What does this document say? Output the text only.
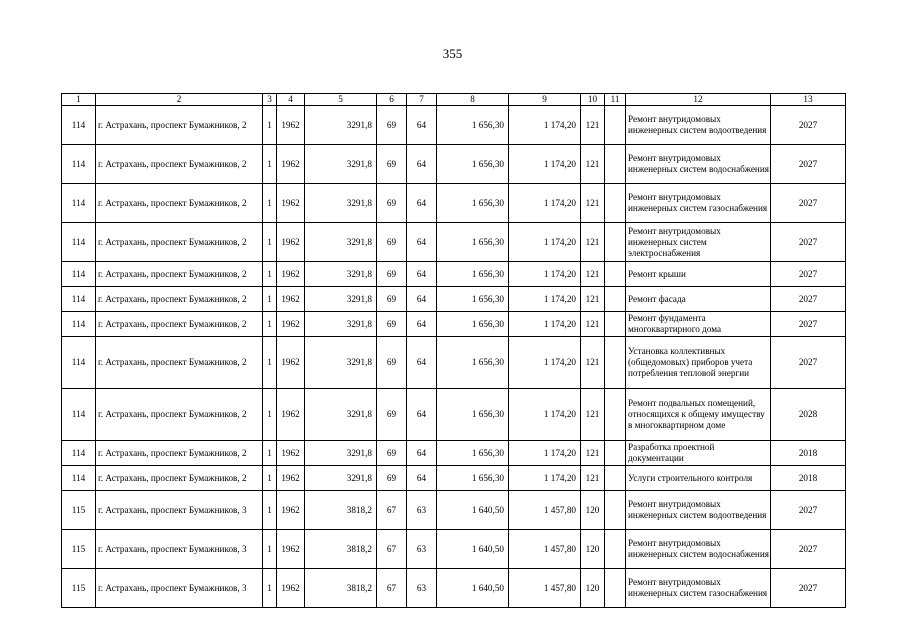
355
1	2	3	4	5	6	7	8	9	10	11	12	13
114	г. Астрахань, проспект Бумажников, 2	1	1962	3291,8	69	64	1 656,30	1 174,20	121		Ремонт внутридомовых инженерных систем водоотведения	2027
114	г. Астрахань, проспект Бумажников, 2	1	1962	3291,8	69	64	1 656,30	1 174,20	121		Ремонт внутридомовых инженерных систем водоснабжения	2027
114	г. Астрахань, проспект Бумажников, 2	1	1962	3291,8	69	64	1 656,30	1 174,20	121		Ремонт внутридомовых инженерных систем газоснабжения	2027
114	г. Астрахань, проспект Бумажников, 2	1	1962	3291,8	69	64	1 656,30	1 174,20	121		Ремонт внутридомовых инженерных систем электроснабжения	2027
114	г. Астрахань, проспект Бумажников, 2	1	1962	3291,8	69	64	1 656,30	1 174,20	121		Ремонт крыши	2027
114	г. Астрахань, проспект Бумажников, 2	1	1962	3291,8	69	64	1 656,30	1 174,20	121		Ремонт фасада	2027
114	г. Астрахань, проспект Бумажников, 2	1	1962	3291,8	69	64	1 656,30	1 174,20	121		Ремонт фундамента многоквартирного дома	2027
114	г. Астрахань, проспект Бумажников, 2	1	1962	3291,8	69	64	1 656,30	1 174,20	121		Установка коллективных (общедомовых) приборов учета потребления тепловой энергии	2027
114	г. Астрахань, проспект Бумажников, 2	1	1962	3291,8	69	64	1 656,30	1 174,20	121		Ремонт подвальных помещений, относящихся к общему имуществу в многоквартирном доме	2028
114	г. Астрахань, проспект Бумажников, 2	1	1962	3291,8	69	64	1 656,30	1 174,20	121		Разработка проектной документации	2018
114	г. Астрахань, проспект Бумажников, 2	1	1962	3291,8	69	64	1 656,30	1 174,20	121		Услуги строительного контроля	2018
115	г. Астрахань, проспект Бумажников, 3	1	1962	3818,2	67	63	1 640,50	1 457,80	120		Ремонт внутридомовых инженерных систем водоотведения	2027
115	г. Астрахань, проспект Бумажников, 3	1	1962	3818,2	67	63	1 640,50	1 457,80	120		Ремонт внутридомовых инженерных систем водоснабжения	2027
115	г. Астрахань, проспект Бумажников, 3	1	1962	3818,2	67	63	1 640,50	1 457,80	120		Ремонт внутридомовых инженерных систем газоснабжения	2027
